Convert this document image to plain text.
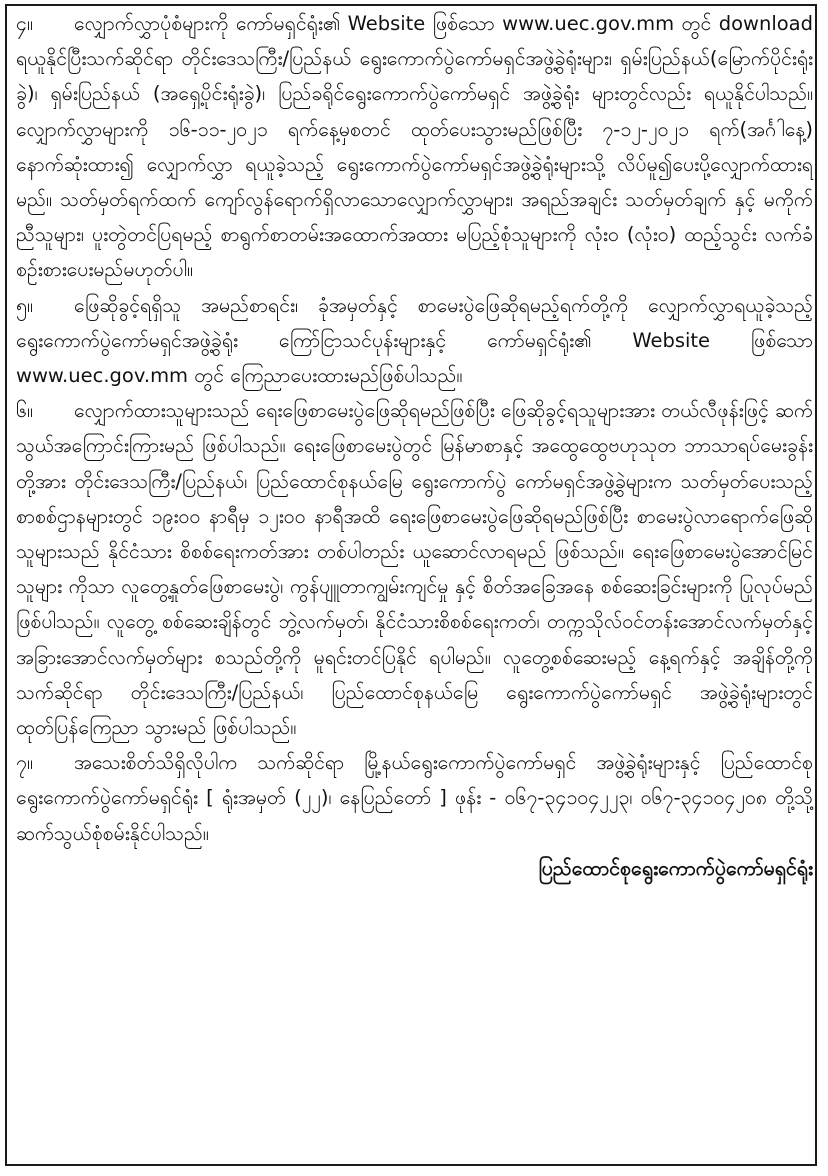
၄။ လျှောက်လွှာပုံစံများကို ကော်မရှင်ရုံး၏ Website ဖြစ်သော www.uec.gov.mm တွင် download ရယူနိုင်ပြီးသက်ဆိုင်ရာ တိုင်းဒေသကြီး/ပြည်နယ် ရွေးကောက်ပွဲကော်မရှင်အဖွဲ့ခွဲရုံးများ၊ ရှမ်းပြည်နယ်(မြောက်ပိုင်းရုံးခွဲ)၊ ရှမ်းပြည်နယ် (အရှေ့ပိုင်းရုံးခွဲ)၊ ပြည်ခရိုင်ရွေးကောက်ပွဲကော်မရှင် အဖွဲ့ခွဲရုံး များတွင်လည်း ရယူနိုင်ပါသည်။ လျှောက်လွှာများကို ၁၆-၁၁-၂၀၂၁ ရက်နေ့မှစတင် ထုတ်ပေးသွားမည်ဖြစ်ပြီး ၇-၁၂-၂၀၂၁ ရက်(အင်္ဂါနေ့) နောက်ဆုံးထား၍ လျှောက်လွှာ ရယူခဲ့သည့် ရွေးကောက်ပွဲကော်မရှင်အဖွဲ့ခွဲရုံးများသို့ လိပ်မူ၍ပေးပို့လျှောက်ထားရမည်။ သတ်မှတ်ရက်ထက် ကျော်လွန်ရောက်ရှိလာသောလျှောက်လွှာများ၊ အရည်အချင်း သတ်မှတ်ချက် နှင့် မကိုက်ညီသူများ၊ ပူးတွဲတင်ပြရမည့် စာရွက်စာတမ်းအထောက်အထား မပြည့်စုံသူများကို လုံး၀ (လုံး၀) ထည့်သွင်း လက်ခံ စဉ်းစားပေးမည်မဟုတ်ပါ။

၅။ ဖြေဆိုခွင့်ရရှိသူ အမည်စာရင်း၊ ခုံအမှတ်နှင့် စာမေးပွဲဖြေဆိုရမည့်ရက်တို့ကို လျှောက်လွှာရယူခဲ့သည့် ရွေးကောက်ပွဲကော်မရှင်အဖွဲ့ခွဲရုံး ကြော်ငြာသင်ပုန်းများနှင့် ကော်မရှင်ရုံး၏ Website ဖြစ်သော www.uec.gov.mm တွင် ကြေညာပေးထားမည်ဖြစ်ပါသည်။

၆။ လျှောက်ထားသူများသည် ရေးဖြေစာမေးပွဲဖြေဆိုရမည်ဖြစ်ပြီး ဖြေဆိုခွင့်ရသူများအား တယ်လီဖုန်းဖြင့် ဆက်သွယ်အကြောင်းကြားမည် ဖြစ်ပါသည်။ ရေးဖြေစာမေးပွဲတွင် မြန်မာစာနှင့် အထွေထွေဗဟုသုတ ဘာသာရပ်မေးခွန်း တို့အား တိုင်းဒေသကြီး/ပြည်နယ်၊ ပြည်ထောင်စုနယ်မြေ ရွေးကောက်ပွဲ ကော်မရှင်အဖွဲ့ခွဲများက သတ်မှတ်ပေးသည့် စာစစ်ဌာနများတွင် ၁၉း၀၀ နာရီမှ ၁၂း၀၀ နာရီအထိ ရေးဖြေစာမေးပွဲဖြေဆိုရမည်ဖြစ်ပြီး စာမေးပွဲလာရောက်ဖြေဆိုသူများသည် နိုင်ငံသား စိစစ်ရေးကတ်အား တစ်ပါတည်း ယူဆောင်လာရမည် ဖြစ်သည်။ ရေးဖြေစာမေးပွဲအောင်မြင်သူများ ကိုသာ လူတွေ့နှုတ်ဖြေစာမေးပွဲ၊ ကွန်ပျူတာကျွမ်းကျင်မှု နှင့် စိတ်အခြေအနေ စစ်ဆေးခြင်းများကို ပြုလုပ်မည်ဖြစ်ပါသည်။ လူတွေ့ စစ်ဆေးချိန်တွင် ဘွဲ့လက်မှတ်၊ နိုင်ငံသားစိစစ်ရေးကတ်၊ တက္ကသိုလ်ဝင်တန်းအောင်လက်မှတ်နှင့် အခြားအောင်လက်မှတ်များ စသည်တို့ကို မူရင်းတင်ပြနိုင် ရပါမည်။ လူတွေ့စစ်ဆေးမည့် နေ့ရက်နှင့် အချိန်တို့ကို သက်ဆိုင်ရာ တိုင်းဒေသကြီး/ပြည်နယ်၊ ပြည်ထောင်စုနယ်မြေ ရွေးကောက်ပွဲကော်မရှင် အဖွဲ့ခွဲရုံးများတွင် ထုတ်ပြန်ကြေညာ သွားမည် ဖြစ်ပါသည်။

၇။ အသေးစိတ်သိရှိလိုပါက သက်ဆိုင်ရာ မြို့နယ်ရွေးကောက်ပွဲကော်မရှင် အဖွဲ့ခွဲရုံးများနှင့် ပြည်ထောင်စုရွေးကောက်ပွဲကော်မရှင်ရုံး [ ရုံးအမှတ် (၂၂)၊ နေပြည်တော် ] ဖုန်း - ၀၆၇-၃၄၁၀၄၂၂၃၊ ၀၆၇-၃၄၁၀၄၂၀၈ တို့သို့ ဆက်သွယ်စုံစမ်းနိုင်ပါသည်။

ပြည်ထောင်စုရွေးကောက်ပွဲကော်မရှင်ရုံး
